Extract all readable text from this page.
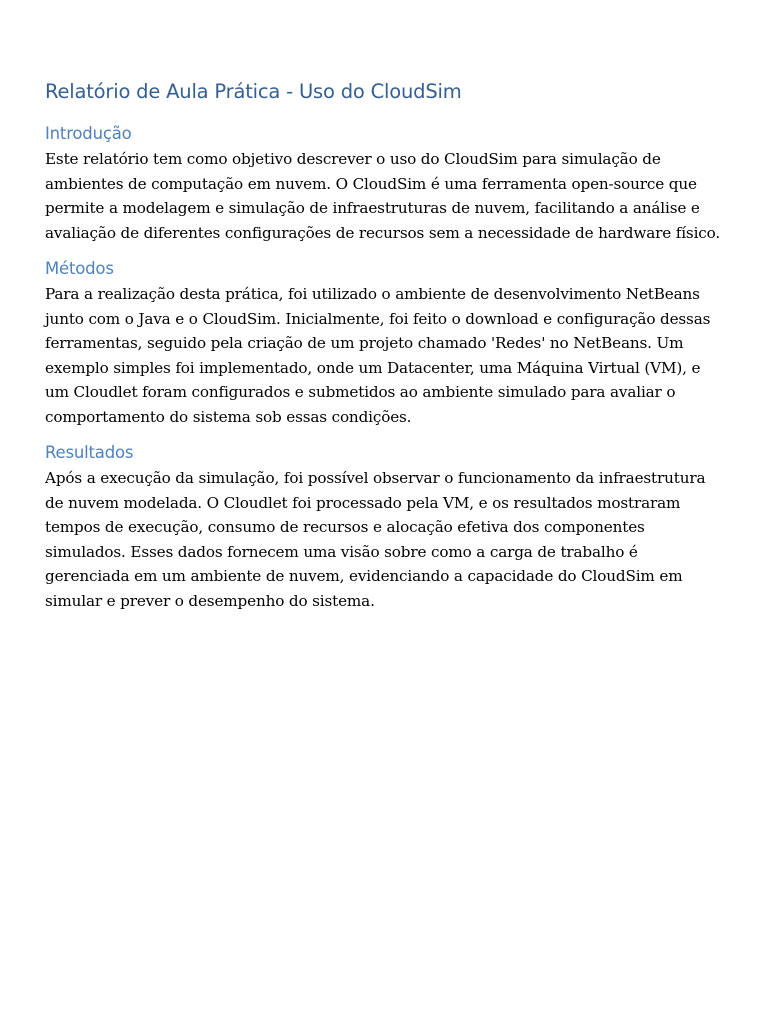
Relatório de Aula Prática - Uso do CloudSim
Introdução

Este relatório tem como objetivo descrever o uso do CloudSim para simulação de ambientes de computação em nuvem. O CloudSim é uma ferramenta open-source que permite a modelagem e simulação de infraestruturas de nuvem, facilitando a análise e avaliação de diferentes configurações de recursos sem a necessidade de hardware físico.

Métodos

Para a realização desta prática, foi utilizado o ambiente de desenvolvimento NetBeans junto com o Java e o CloudSim. Inicialmente, foi feito o download e configuração dessas ferramentas, seguido pela criação de um projeto chamado 'Redes' no NetBeans. Um exemplo simples foi implementado, onde um Datacenter, uma Máquina Virtual (VM), e um Cloudlet foram configurados e submetidos ao ambiente simulado para avaliar o comportamento do sistema sob essas condições.

Resultados

Após a execução da simulação, foi possível observar o funcionamento da infraestrutura de nuvem modelada. O Cloudlet foi processado pela VM, e os resultados mostraram tempos de execução, consumo de recursos e alocação efetiva dos componentes simulados. Esses dados fornecem uma visão sobre como a carga de trabalho é gerenciada em um ambiente de nuvem, evidenciando a capacidade do CloudSim em simular e prever o desempenho do sistema.
